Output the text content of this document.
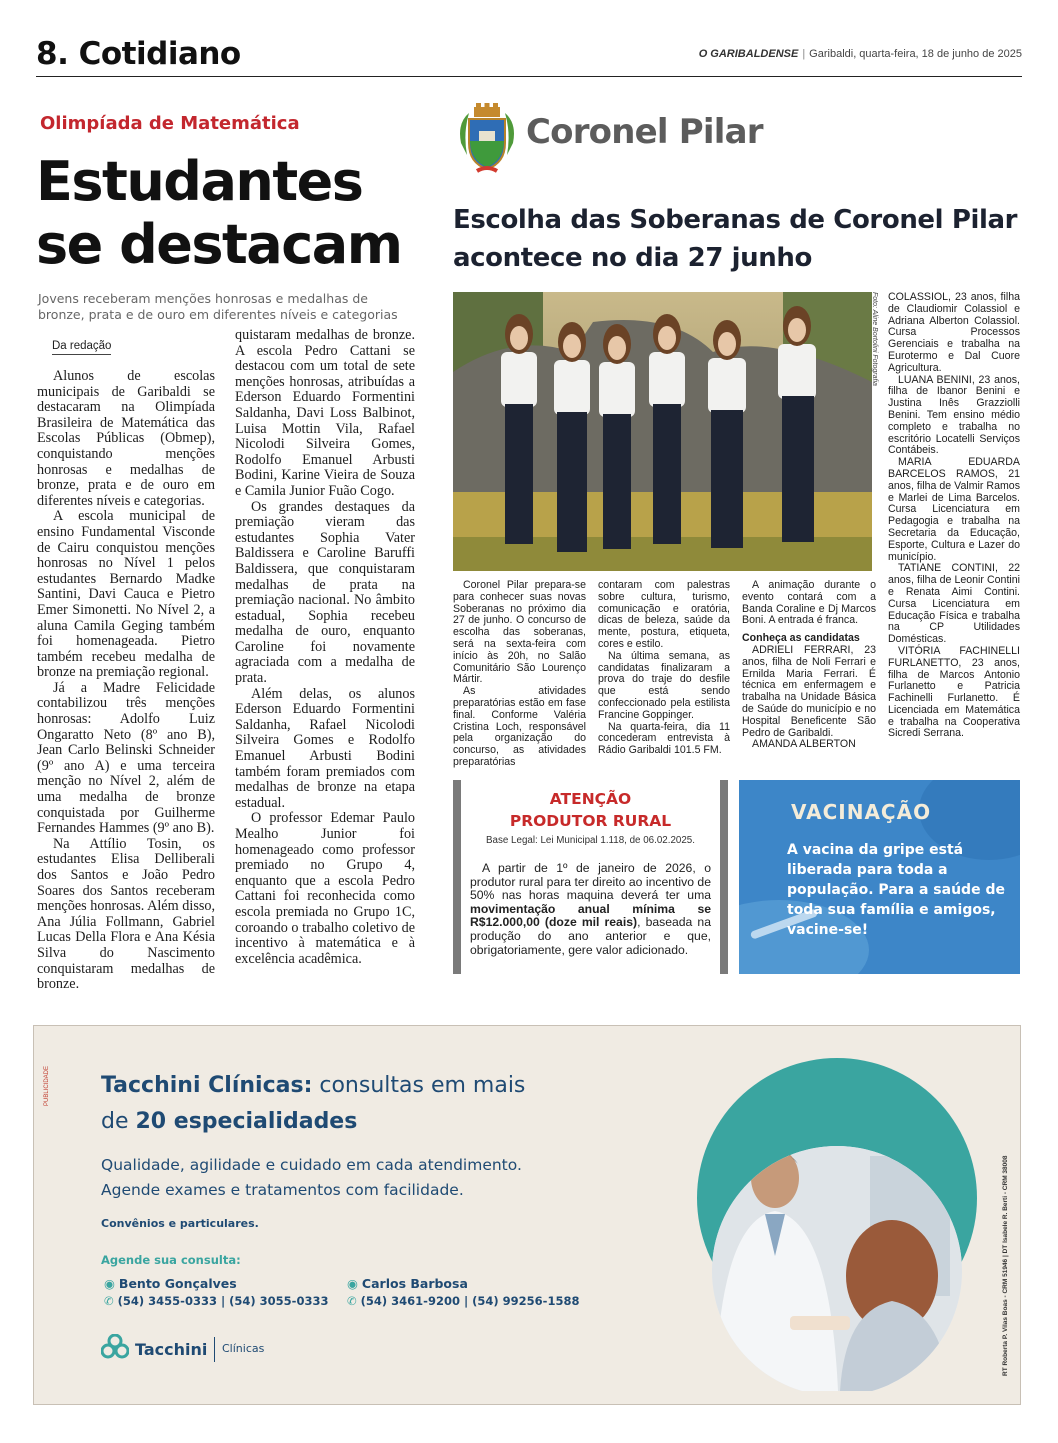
8. Cotidiano	O GARIBALDENSE | Garibaldi, quarta-feira, 18 de junho de 2025
Olimpíada de Matemática
Estudantes se destacam
Jovens receberam menções honrosas e medalhas de bronze, prata e de ouro em diferentes níveis e categorias
Da redação

Alunos de escolas municipais de Garibaldi se destacaram na Olimpíada Brasileira de Matemática das Escolas Públicas (Obmep), conquistando menções honrosas e medalhas de bronze, prata e de ouro em diferentes níveis e categorias.

A escola municipal de ensino Fundamental Visconde de Cairu conquistou menções honrosas no Nível 1 pelos estudantes Bernardo Madke Santini, Davi Cauca e Pietro Emer Simonetti. No Nível 2, a aluna Camila Geging também foi homenageada. Pietro também recebeu medalha de bronze na premiação regional.

Já a Madre Felicidade contabilizou três menções honrosas: Adolfo Luiz Ongaratto Neto (8º ano B), Jean Carlo Belinski Schneider (9º ano A) e uma terceira menção no Nível 2, além de uma medalha de bronze conquistada por Guilherme Fernandes Hammes (9º ano B).

Na Attílio Tosin, os estudantes Elisa Delliberali dos Santos e João Pedro Soares dos Santos receberam menções honrosas. Além disso, Ana Júlia Follmann, Gabriel Lucas Della Flora e Ana Késia Silva do Nascimento conquistaram medalhas de bronze.

quistaram medalhas de bronze. A escola Pedro Cattani se destacou com um total de sete menções honrosas, atribuídas a Ederson Eduardo Formentini Saldanha, Davi Loss Balbinot, Luisa Mottin Vila, Rafael Nicolodi Silveira Gomes, Rodolfo Emanuel Arbusti Bodini, Karine Vieira de Souza e Camila Junior Fuão Cogo.

Os grandes destaques da premiação vieram das estudantes Sophia Vater Baldissera e Caroline Baruffi Baldissera, que conquistaram medalhas de prata na premiação nacional. No âmbito estadual, Sophia recebeu medalha de ouro, enquanto Caroline foi novamente agraciada com a medalha de prata.

Além delas, os alunos Ederson Eduardo Formentini Saldanha, Rafael Nicolodi Silveira Gomes e Rodolfo Emanuel Arbusti Bodini também foram premiados com medalhas de bronze na etapa estadual.

O professor Edemar Paulo Mealho Junior foi homenageado como professor premiado no Grupo 4, enquanto que a escola Pedro Cattani foi reconhecida como escola premiada no Grupo 1C, coroando o trabalho coletivo de incentivo à matemática e à excelência acadêmica.

Coronel Pilar
Escolha das Soberanas de Coronel Pilar acontece no dia 27 junho
Foto: Aline Bortolini Fotografia

Coronel Pilar prepara-se para conhecer suas novas Soberanas no próximo dia 27 de junho. O concurso de escolha das soberanas, será na sexta-feira com início às 20h, no Salão Comunitário São Lourenço Mártir.

As atividades preparatórias estão em fase final. Conforme Valéria Cristina Loch, responsável pela organização do concurso, as atividades preparatórias

contaram com palestras sobre cultura, turismo, comunicação e oratória, dicas de beleza, saúde da mente, postura, etiqueta, cores e estilo.

Na última semana, as candidatas finalizaram a prova do traje do desfile que está sendo confeccionado pela estilista Francine Goppinger.

Na quarta-feira, dia 11 concederam entrevista à Rádio Garibaldi 101.5 FM.

A animação durante o evento contará com a Banda Coraline e Dj Marcos Boni. A entrada é franca.

Conheça as candidatas

ADRIELI FERRARI, 23 anos, filha de Noli Ferrari e Ernilda Maria Ferrari. É técnica em enfermagem e trabalha na Unidade Básica de Saúde do município e no Hospital Beneficente São Pedro de Garibaldi.

AMANDA ALBERTON

COLASSIOL, 23 anos, filha de Claudiomir Colassiol e Adriana Alberton Colassiol. Cursa Processos Gerenciais e trabalha na Eurotermo e Dal Cuore Agricultura.

LUANA BENINI, 23 anos, filha de Ibanor Benini e Justina Inês Grazziolli Benini. Tem ensino médio completo e trabalha no escritório Locatelli Serviços Contábeis.

MARIA EDUARDA BARCELOS RAMOS, 21 anos, filha de Valmir Ramos e Marlei de Lima Barcelos. Cursa Licenciatura em Pedagogia e trabalha na Secretaria da Educação, Esporte, Cultura e Lazer do município.

TATIANE CONTINI, 22 anos, filha de Leonir Contini e Renata Aimi Contini. Cursa Licenciatura em Educação Física e trabalha na CP Utilidades Domésticas.

VITÓRIA FACHINELLI FURLANETTO, 23 anos, filha de Marcos Antonio Furlanetto e Patricia Fachinelli Furlanetto. É Licenciada em Matemática e trabalha na Cooperativa Sicredi Serrana.

ATENÇÃO
PRODUTOR RURAL
Base Legal: Lei Municipal 1.118, de 06.02.2025.
A partir de 1º de janeiro de 2026, o produtor rural para ter direito ao incentivo de 50% nas horas maquina deverá ter uma movimentação anual mínima se R$12.000,00 (doze mil reais), baseada na produção do ano anterior e que, obrigatoriamente, gere valor adicionado.
VACINAÇÃO
A vacina da gripe está liberada para toda a população. Para a saúde de toda sua família e amigos, vacine-se!
PUBLICIDADE Tacchini Clínicas: consultas em mais
de 20 especialidades
Qualidade, agilidade e cuidado em cada atendimento.
Agende exames e tratamentos com facilidade.
Convênios e particulares.
Agende sua consulta:
◉ Bento Gonçalves
✆ (54) 3455-0333 | (54) 3055-0333
◉ Carlos Barbosa
✆ (54) 3461-9200 | (54) 99256-1588
Tacchini Clínicas	RT Roberta P. Vilas Boas - CRM 51946 | DT Isabele R. Berti - CRM 38008
